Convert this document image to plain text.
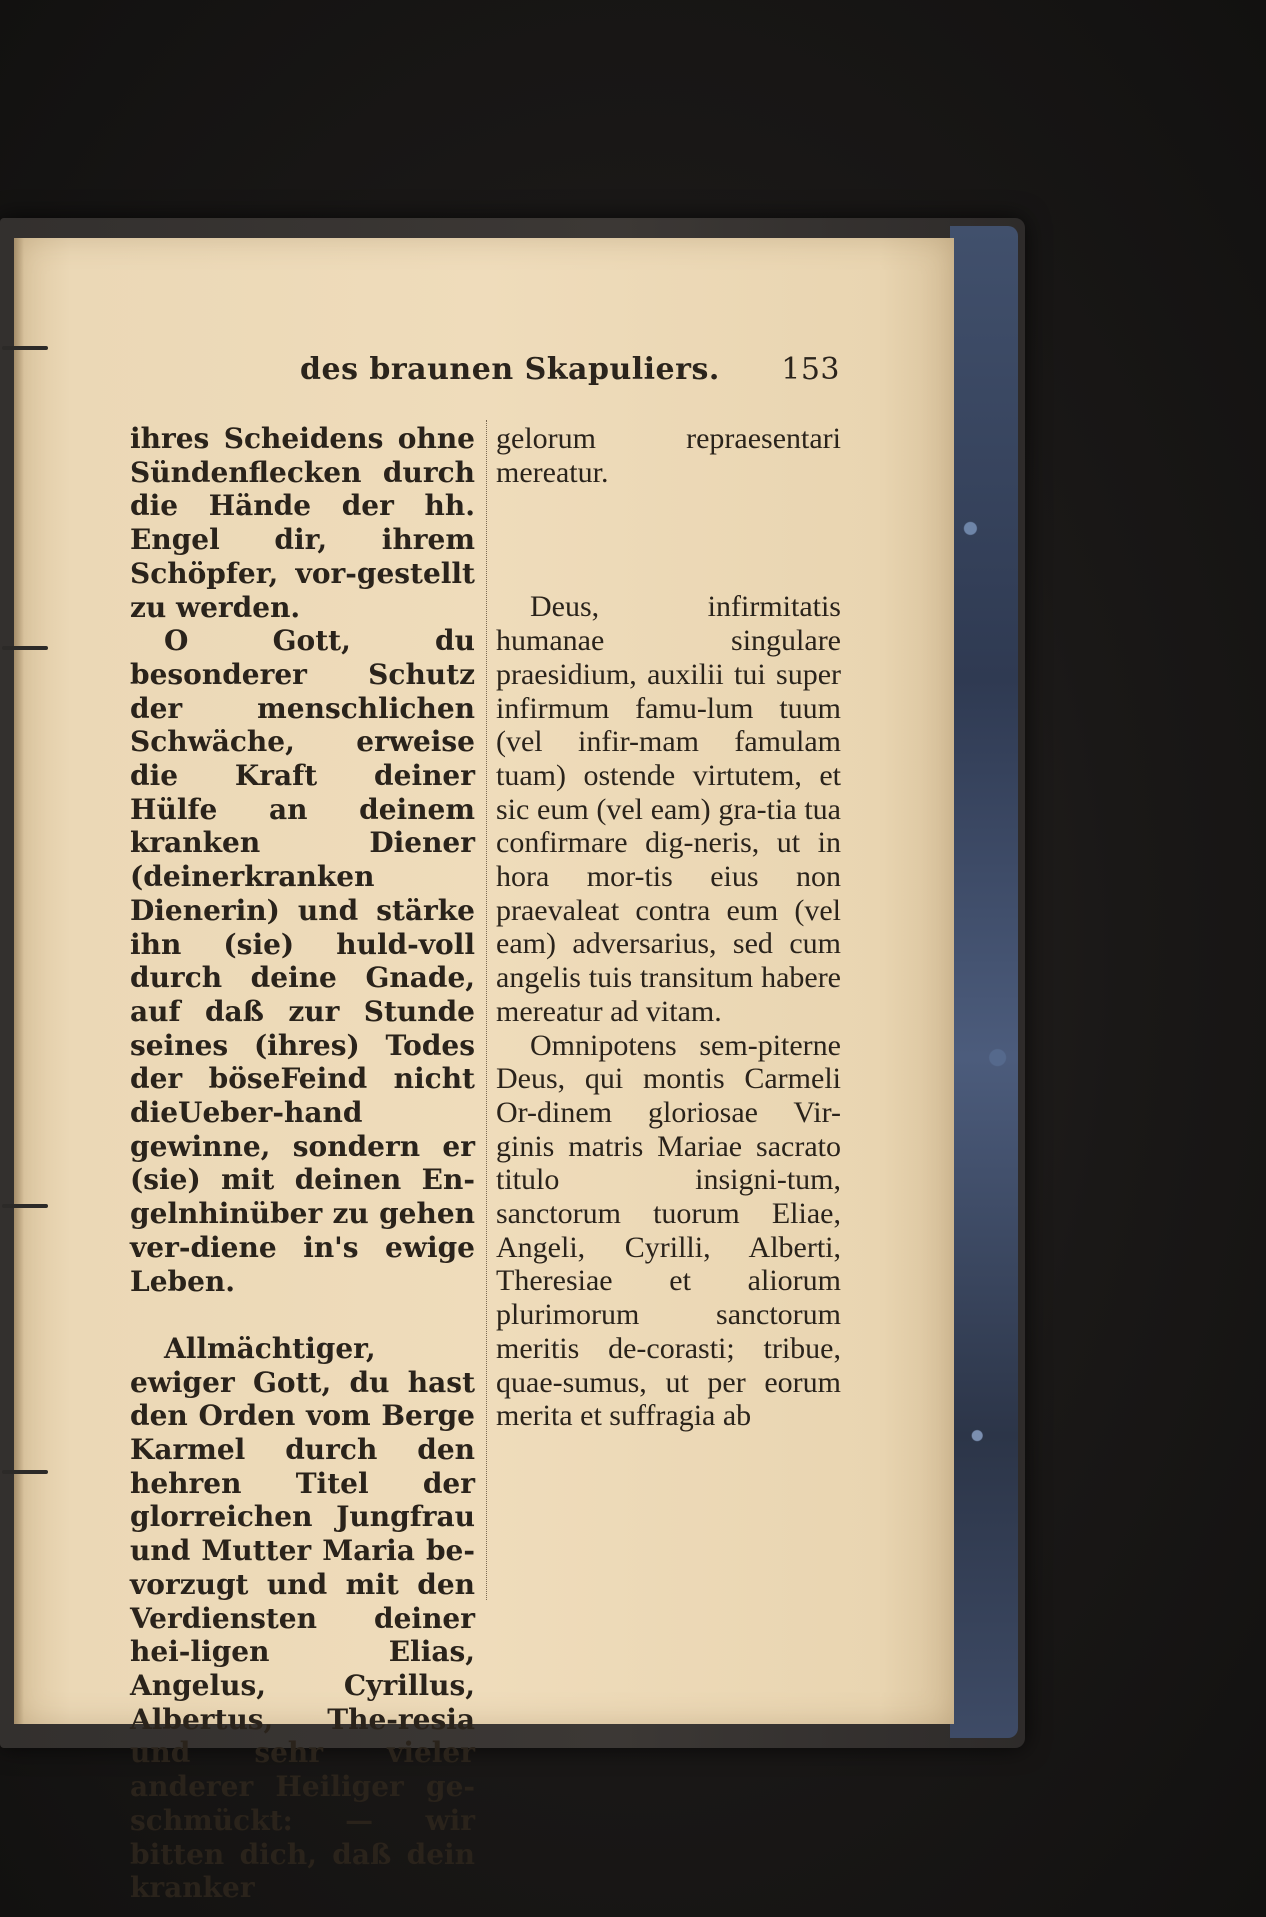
des braunen Skapuliers. 153

ihres Scheidens ohne Sündenflecken durch die Hände der hh. Engel dir, ihrem Schöpfer, vor-gestellt zu werden.

O Gott, du besonderer Schutz der menschlichen Schwäche, erweise die Kraft deiner Hülfe an deinem kranken Diener (deinerkranken Dienerin) und stärke ihn (sie) huld-voll durch deine Gnade, auf daß zur Stunde seines (ihres) Todes der böseFeind nicht dieUeber-hand gewinne, sondern er (sie) mit deinen En-gelnhinüber zu gehen ver-diene in's ewige Leben.

Allmächtiger, ewiger Gott, du hast den Orden vom Berge Karmel durch den hehren Titel der glorreichen Jungfrau und Mutter Maria be-vorzugt und mit den Verdiensten deiner hei-ligen Elias, Angelus, Cyrillus, Albertus, The-resia und sehr vieler anderer Heiliger ge-schmückt: — wir bitten dich, daß dein kranker

gelorum repraesentari mereatur.

Deus, infirmitatis humanae singulare praesidium, auxilii tui super infirmum famu-lum tuum (vel infir-mam famulam tuam) ostende virtutem, et sic eum (vel eam) gra-tia tua confirmare dig-neris, ut in hora mor-tis eius non praevaleat contra eum (vel eam) adversarius, sed cum angelis tuis transitum habere mereatur ad vitam.

Omnipotens sem-piterne Deus, qui montis Carmeli Or-dinem gloriosae Vir-ginis matris Mariae sacrato titulo insigni-tum, sanctorum tuorum Eliae, Angeli, Cyrilli, Alberti, Theresiae et aliorum plurimorum sanctorum meritis de-corasti; tribue, quae-sumus, ut per eorum merita et suffragia ab
